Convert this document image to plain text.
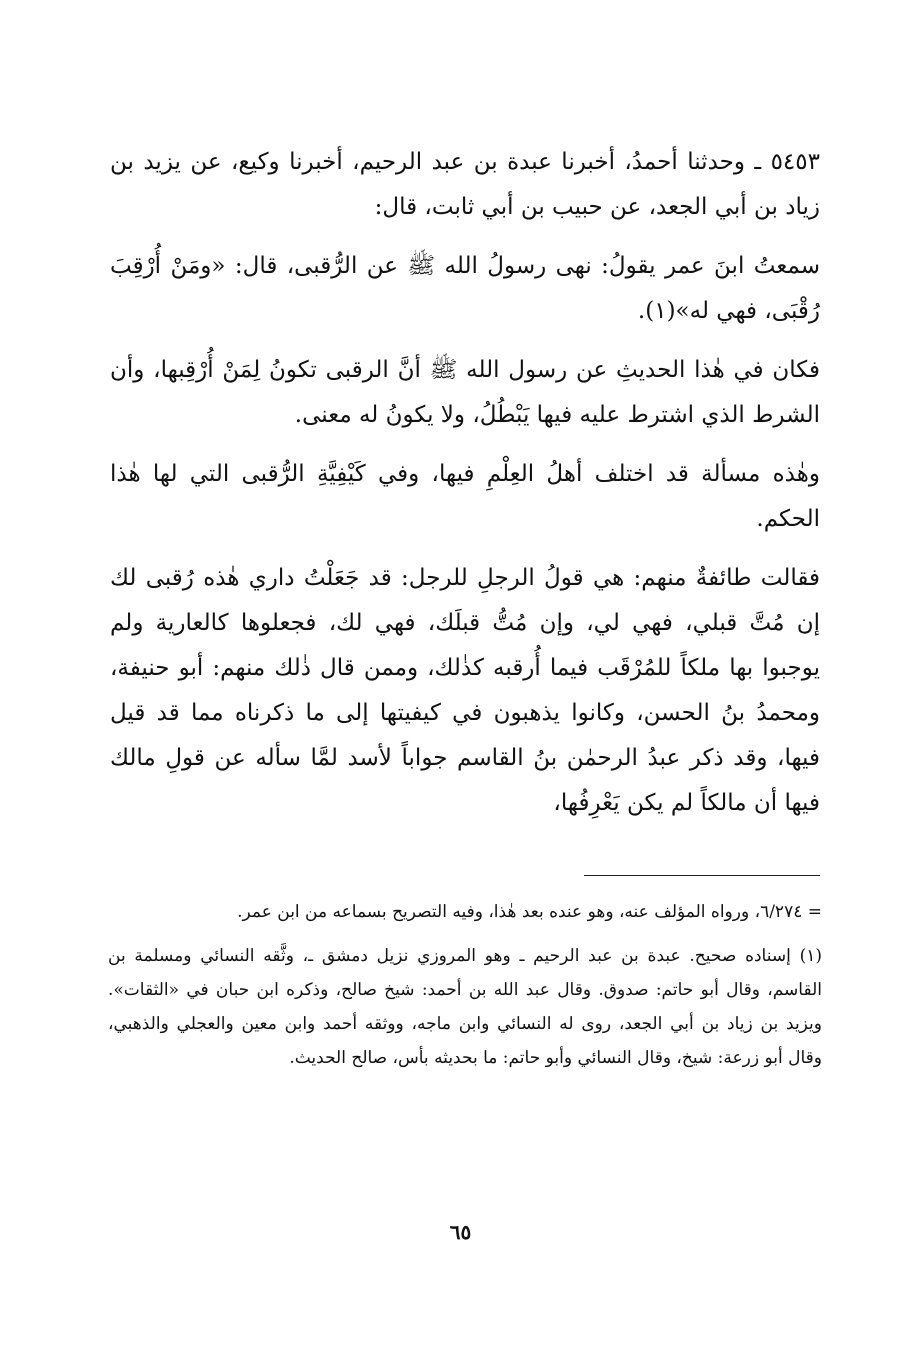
٥٤٥٣ ـ وحدثنا أحمدُ، أخبرنا عبدة بن عبد الرحيم، أخبرنا وكيع، عن يزيد بن زياد بن أبي الجعد، عن حبيب بن أبي ثابت، قال:

سمعتُ ابنَ عمر يقولُ: نهى رسولُ الله ﷺ عن الرُّقبى، قال: «ومَنْ أُرْقِبَ رُقْبَى، فهي له»(١).

فكان في هٰذا الحديثِ عن رسول الله ﷺ أنَّ الرقبى تكونُ لِمَنْ أُرْقِبها، وأن الشرط الذي اشترط عليه فيها يَبْطُلُ، ولا يكونُ له معنى.

وهٰذه مسألة قد اختلف أهلُ العِلْمِ فيها، وفي كَيْفِيَّةِ الرُّقبى التي لها هٰذا الحكم.

فقالت طائفةٌ منهم: هي قولُ الرجلِ للرجل: قد جَعَلْتُ داري هٰذه رُقبى لك إن مُتَّ قبلي، فهي لي، وإن مُتُّ قبلَك، فهي لك، فجعلوها كالعارية ولم يوجبوا بها ملكاً للمُرْقَب فيما أُرقبه كذٰلك، وممن قال ذٰلك منهم: أبو حنيفة، ومحمدُ بنُ الحسن، وكانوا يذهبون في كيفيتها إلى ما ذكرناه مما قد قيل فيها، وقد ذكر عبدُ الرحمٰن بنُ القاسم جواباً لأسد لمَّا سأله عن قولِ مالك فيها أن مالكاً لم يكن يَعْرِفُها،

= ٦/٢٧٤، ورواه المؤلف عنه، وهو عنده بعد هٰذا، وفيه التصريح بسماعه من ابن عمر.

(١) إسناده صحيح. عبدة بن عبد الرحيم ـ وهو المروزي نزيل دمشق ـ، وثَّقه النسائي ومسلمة بن القاسم، وقال أبو حاتم: صدوق. وقال عبد الله بن أحمد: شيخ صالح، وذكره ابن حبان في «الثقات». ويزيد بن زياد بن أبي الجعد، روى له النسائي وابن ماجه، ووثقه أحمد وابن معين والعجلي والذهبي، وقال أبو زرعة: شيخ، وقال النسائي وأبو حاتم: ما بحديثه بأس، صالح الحديث.

٦٥
